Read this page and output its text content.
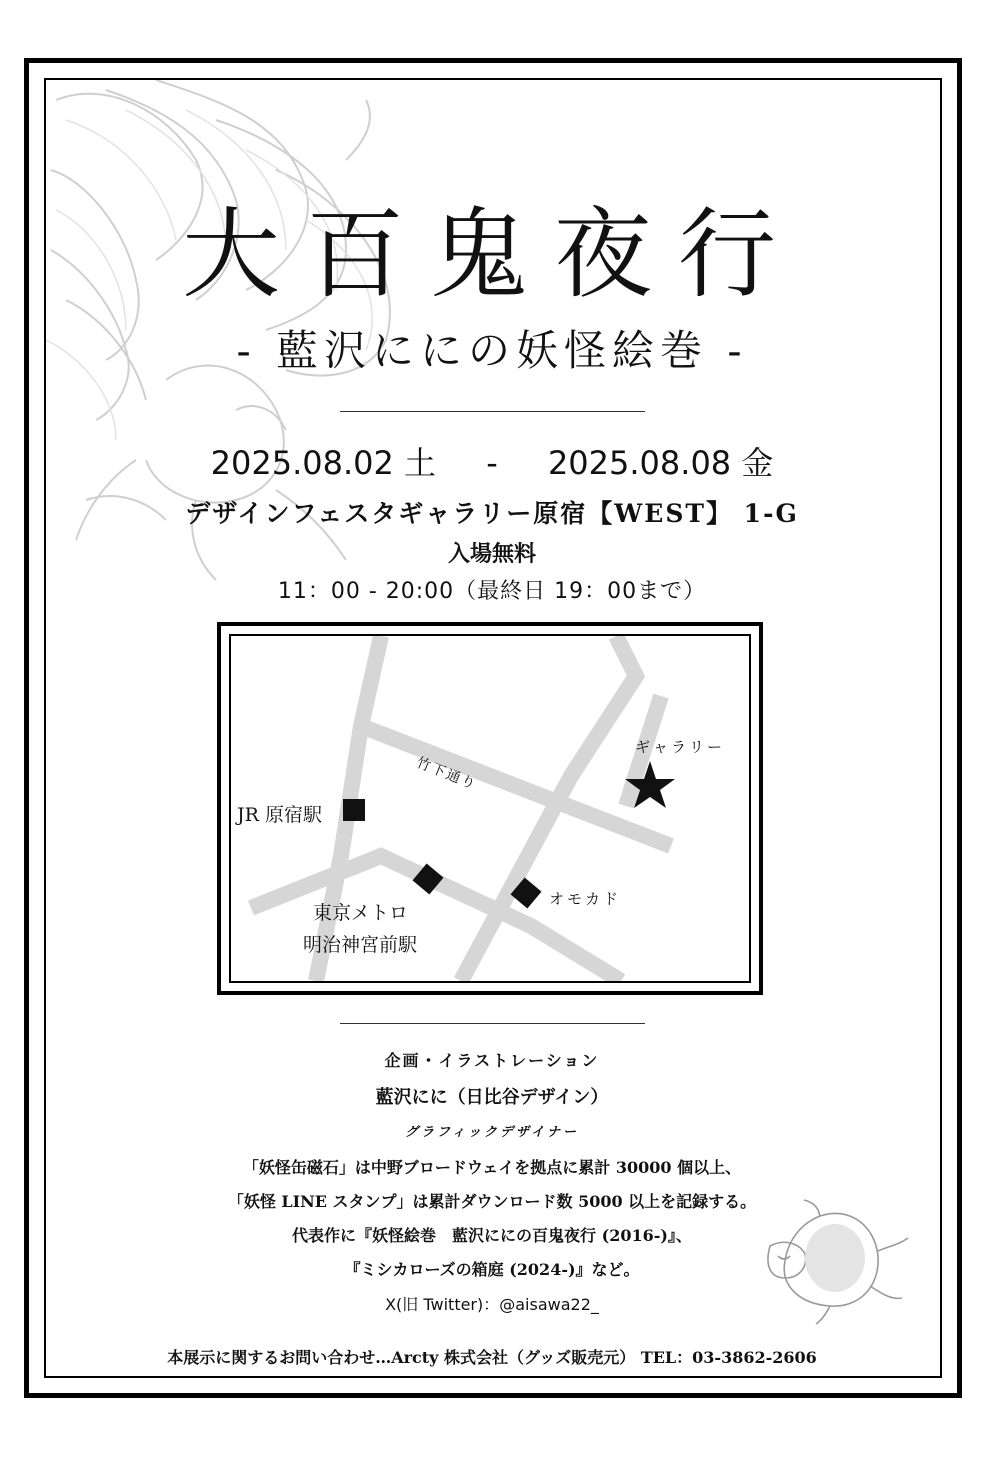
大百鬼夜行
- 藍沢ににの妖怪絵巻 -
2025.08.02 土 - 2025.08.08 金
デザインフェスタギャラリー原宿【WEST】 1-G
入場無料
11：00 - 20:00（最終日 19：00まで）
ギャラリー
竹下通り
JR 原宿駅
東京メトロ
明治神宮前駅
オモカド
企画・イラストレーション
藍沢にに（日比谷デザイン）
グラフィックデザイナー
「妖怪缶磁石」は中野ブロードウェイを拠点に累計 30000 個以上、
「妖怪 LINE スタンプ」は累計ダウンロード数 5000 以上を記録する。
代表作に『妖怪絵巻　藍沢ににの百鬼夜行 (2016-)』、
『ミシカローズの箱庭 (2024-)』など。
X(旧 Twitter)：@aisawa22_
本展示に関するお問い合わせ…Arcty 株式会社（グッズ販売元） TEL：03-3862-2606
